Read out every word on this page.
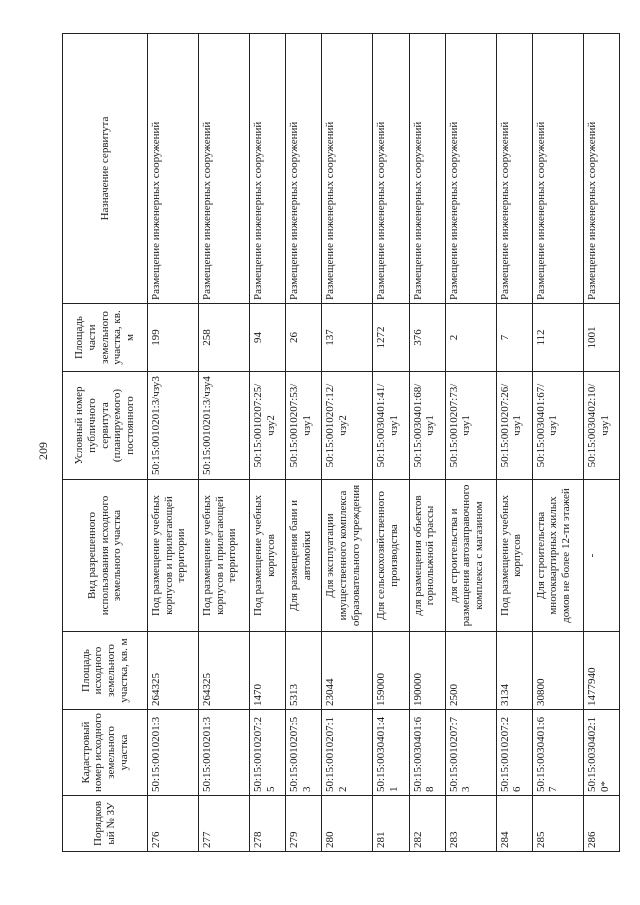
209
Порядковый № ЗУ	Кадастровый номер исходного земельного участка	Площадь исходного земельного участка, кв. м	Вид разрешенного использования исходного земельного участка	Условный номер публичного сервитута (планируемого) постоянного	Площадь части земельного участка, кв. м	Назначение сервитута
276	50:15:0010201:3	264325	Под размещение учебных корпусов и прилегающей территории	50:15:0010201:3/чзу3	199	Размещение инженерных сооружений
277	50:15:0010201:3	264325	Под размещение учебных корпусов и прилегающей территории	50:15:0010201:3/чзу4	258	Размещение инженерных сооружений
278	50:15:0010207:25	1470	Под размещение учебных корпусов	50:15:0010207:25/чзу2	94	Размещение инженерных сооружений
279	50:15:0010207:53	5313	Для размещения бани и автомойки	50:15:0010207:53/чзу1	26	Размещение инженерных сооружений
280	50:15:0010207:12	23044	Для эксплуатации имущественного комплекса образовательного учреждения	50:15:0010207:12/чзу2	137	Размещение инженерных сооружений
281	50:15:0030401:41	159000	Для сельскохозяйственного производства	50:15:0030401:41/чзу1	1272	Размещение инженерных сооружений
282	50:15:0030401:68	190000	для размещения объектов горнолыжной трассы	50:15:0030401:68/чзу1	376	Размещение инженерных сооружений
283	50:15:0010207:73	2500	для строительства и размещения автозаправочного комплекса с магазином	50:15:0010207:73/чзу1	2	Размещение инженерных сооружений
284	50:15:0010207:26	3134	Под размещение учебных корпусов	50:15:0010207:26/чзу1	7	Размещение инженерных сооружений
285	50:15:0030401:67	30800	Для строительства многоквартирных жилых домов не более 12-ти этажей	50:15:0030401:67/чзу1	112	Размещение инженерных сооружений
286	50:15:0030402:10*	1477940	-	50:15:0030402:10/чзу1	1001	Размещение инженерных сооружений
